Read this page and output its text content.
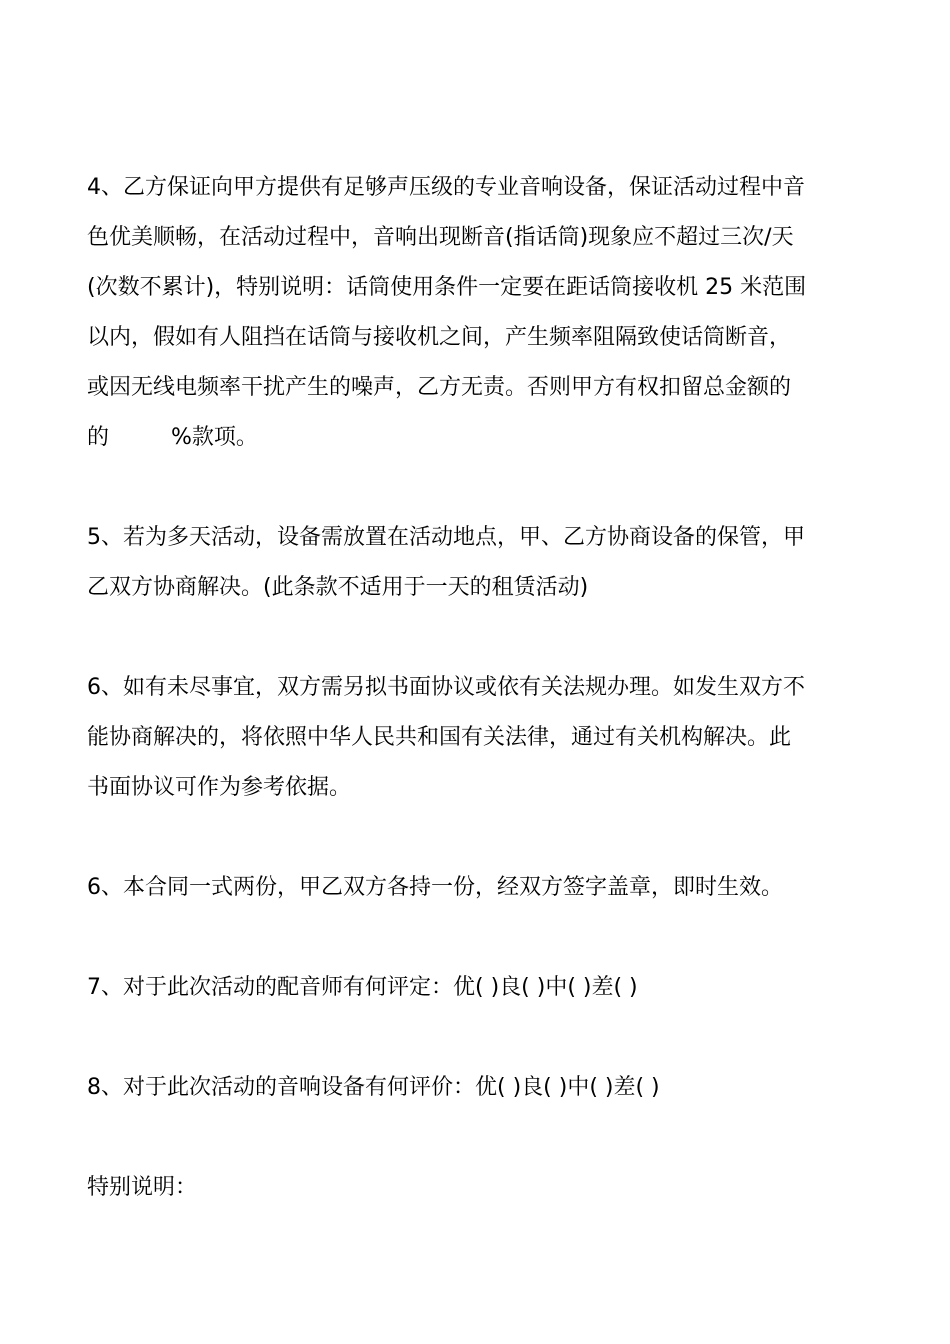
4、乙方保证向甲方提供有足够声压级的专业音响设备，保证活动过程中音
色优美顺畅，在活动过程中，音响出现断音(指话筒)现象应不超过三次/天
(次数不累计)，特别说明：话筒使用条件一定要在距话筒接收机 25 米范围
以内，假如有人阻挡在话筒与接收机之间，产生频率阻隔致使话筒断音，
或因无线电频率干扰产生的噪声，乙方无责。否则甲方有权扣留总金额的
的	%款项。

5、若为多天活动，设备需放置在活动地点，甲、乙方协商设备的保管，甲
乙双方协商解决。(此条款不适用于一天的租赁活动)

6、如有未尽事宜，双方需另拟书面协议或依有关法规办理。如发生双方不
能协商解决的，将依照中华人民共和国有关法律，通过有关机构解决。此
书面协议可作为参考依据。

6、本合同一式两份，甲乙双方各持一份，经双方签字盖章，即时生效。

7、对于此次活动的配音师有何评定：优( )良( )中( )差( )

8、对于此次活动的音响设备有何评价：优( )良( )中( )差( )

特别说明：
